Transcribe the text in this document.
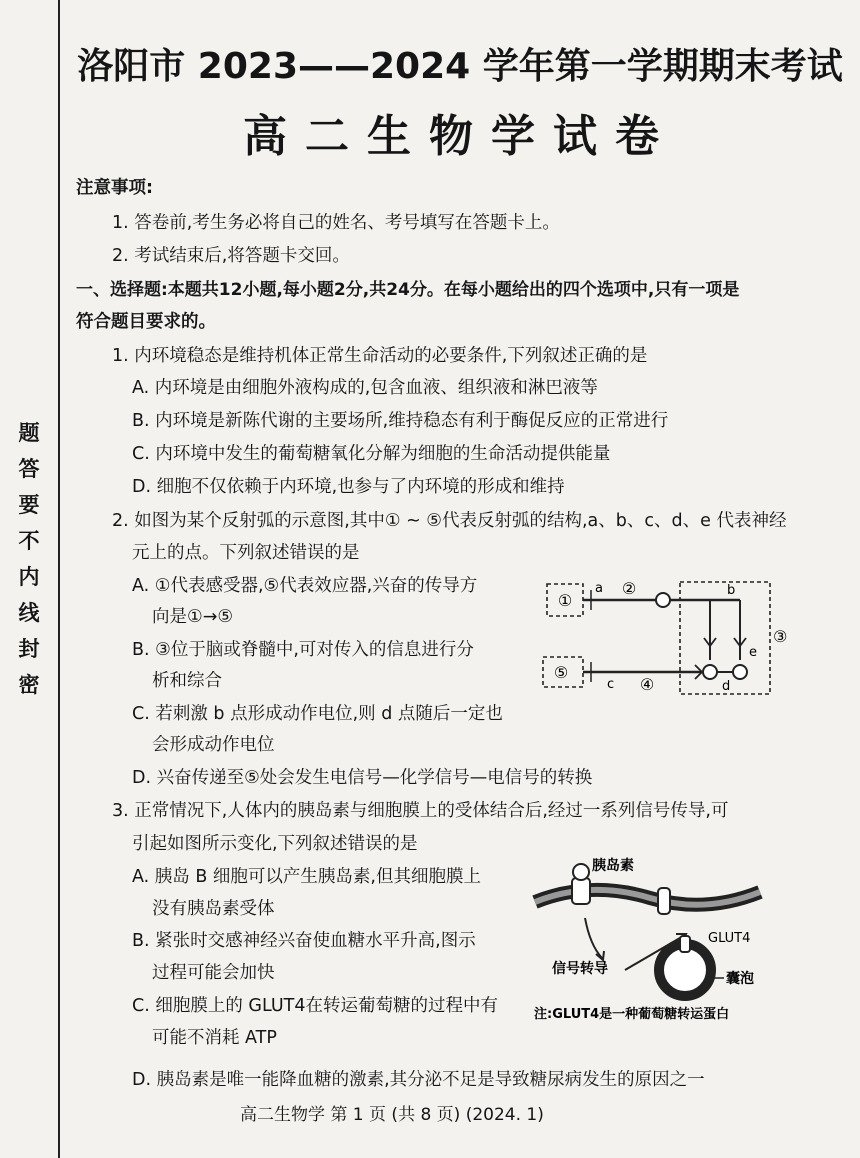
题
答
要
不
内
线
封
密
洛阳市 2023——2024 学年第一学期期末考试
高二生物学试卷
注意事项:
1. 答卷前,考生务必将自己的姓名、考号填写在答题卡上。
2. 考试结束后,将答题卡交回。
一、选择题:本题共12小题,每小题2分,共24分。在每小题给出的四个选项中,只有一项是
符合题目要求的。
1. 内环境稳态是维持机体正常生命活动的必要条件,下列叙述正确的是
A. 内环境是由细胞外液构成的,包含血液、组织液和淋巴液等
B. 内环境是新陈代谢的主要场所,维持稳态有利于酶促反应的正常进行
C. 内环境中发生的葡萄糖氧化分解为细胞的生命活动提供能量
D. 细胞不仅依赖于内环境,也参与了内环境的形成和维持
2. 如图为某个反射弧的示意图,其中① ~ ⑤代表反射弧的结构,a、b、c、d、e 代表神经
元上的点。下列叙述错误的是
A. ①代表感受器,⑤代表效应器,兴奋的传导方
向是①→⑤
B. ③位于脑或脊髓中,可对传入的信息进行分
析和综合
C. 若刺激 b 点形成动作电位,则 d 点随后一定也
会形成动作电位
D. 兴奋传递至⑤处会发生电信号—化学信号—电信号的转换
①
a ②	b
e
③
d
c ④
⑤
3. 正常情况下,人体内的胰岛素与细胞膜上的受体结合后,经过一系列信号传导,可
引起如图所示变化,下列叙述错误的是
A. 胰岛 B 细胞可以产生胰岛素,但其细胞膜上
没有胰岛素受体
B. 紧张时交感神经兴奋使血糖水平升高,图示
过程可能会加快
C. 细胞膜上的 GLUT4在转运葡萄糖的过程中有
可能不消耗 ATP
D. 胰岛素是唯一能降血糖的激素,其分泌不足是导致糖尿病发生的原因之一
胰岛素
信号转导
GLUT4
囊泡
注:GLUT4是一种葡萄糖转运蛋白
高二生物学 第 1 页 (共 8 页) (2024. 1)
